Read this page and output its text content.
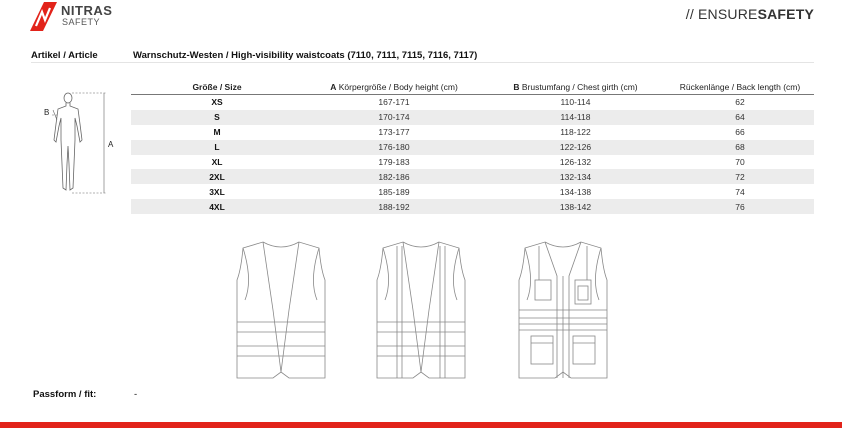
NITRAS
SAFETY	// ENSURESAFETY
Artikel / Article	Warnschutz-Westen / High-visibility waistcoats (7110, 7111, 7115, 7116, 7117)
A
B
Größe / Size	A Körpergröße / Body height (cm)	B Brustumfang / Chest girth (cm)	Rückenlänge / Back length (cm)
XS	167-171	110-114	62
S	170-174	114-118	64
M	173-177	118-122	66
L	176-180	122-126	68
XL	179-183	126-132	70
2XL	182-186	132-134	72
3XL	185-189	134-138	74
4XL	188-192	138-142	76
Passform / fit:	-
